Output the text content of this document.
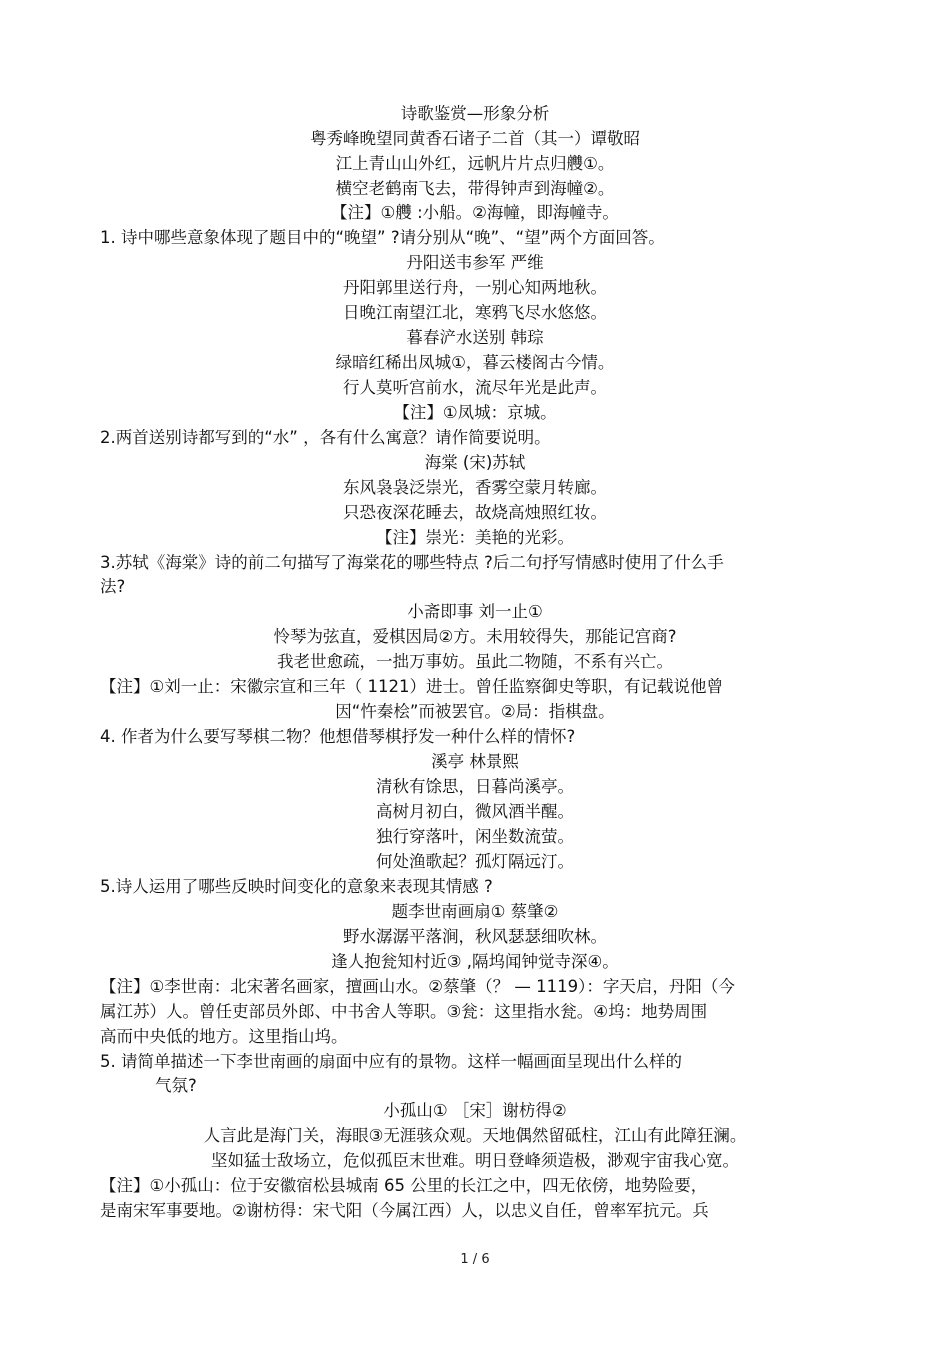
诗歌鉴赏—形象分析
粤秀峰晚望同黄香石诸子二首（其一）谭敬昭
江上青山山外红，远帆片片点归艭①。
横空老鹤南飞去，带得钟声到海幢②。
【注】①艭 :小船。②海幢，即海幢寺。
1. 诗中哪些意象体现了题目中的“晚望” ?请分别从“晚”、“望”两个方面回答。
丹阳送韦参军 严维
丹阳郭里送行舟，一别心知两地秋。
日晚江南望江北，寒鸦飞尽水悠悠。
暮春浐水送别 韩琮
绿暗红稀出凤城①，暮云楼阁古今情。
行人莫听宫前水，流尽年光是此声。
【注】①凤城：京城。
2.两首送别诗都写到的“水” ，各有什么寓意？请作简要说明。
海棠 (宋)苏轼
东风袅袅泛崇光，香雾空蒙月转廊。
只恐夜深花睡去，故烧高烛照红妆。
【注】崇光：美艳的光彩。
3.苏轼《海棠》诗的前二句描写了海棠花的哪些特点 ?后二句抒写情感时使用了什么手
法?
小斋即事 刘一止①
怜琴为弦直，爱棋因局②方。未用较得失，那能记宫商?
我老世愈疏，一拙万事妨。虽此二物随，不系有兴亡。
【注】①刘一止：宋徽宗宣和三年（ 1121）进士。曾任监察御史等职，有记载说他曾
因“忤秦桧”而被罢官。②局：指棋盘。
4. 作者为什么要写琴棋二物？他想借琴棋抒发一种什么样的情怀?
溪亭 林景熙
清秋有馀思，日暮尚溪亭。
高树月初白，微风酒半醒。
独行穿落叶，闲坐数流萤。
何处渔歌起？孤灯隔远汀。
5.诗人运用了哪些反映时间变化的意象来表现其情感 ?
题李世南画扇① 蔡肇②
野水潺潺平落涧，秋风瑟瑟细吹林。
逢人抱瓮知村近③ ,隔坞闻钟觉寺深④。
【注】①李世南：北宋著名画家，擅画山水。②蔡肇（？ — 1119）：字天启，丹阳（今
属江苏）人。曾任吏部员外郎、中书舍人等职。③瓮：这里指水瓮。④坞：地势周围
高而中央低的地方。这里指山坞。
5. 请简单描述一下李世南画的扇面中应有的景物。这样一幅画面呈现出什么样的
气氛?
小孤山① ［宋］谢枋得②
人言此是海门关，海眼③无涯骇众观。天地偶然留砥柱，江山有此障狂澜。
坚如猛士敌场立，危似孤臣末世难。明日登峰须造极，渺观宇宙我心宽。
【注】①小孤山：位于安徽宿松县城南 65 公里的长江之中，四无依傍，地势险要，
是南宋军事要地。②谢枋得：宋弋阳（今属江西）人，以忠义自任，曾率军抗元。兵
1 / 6
